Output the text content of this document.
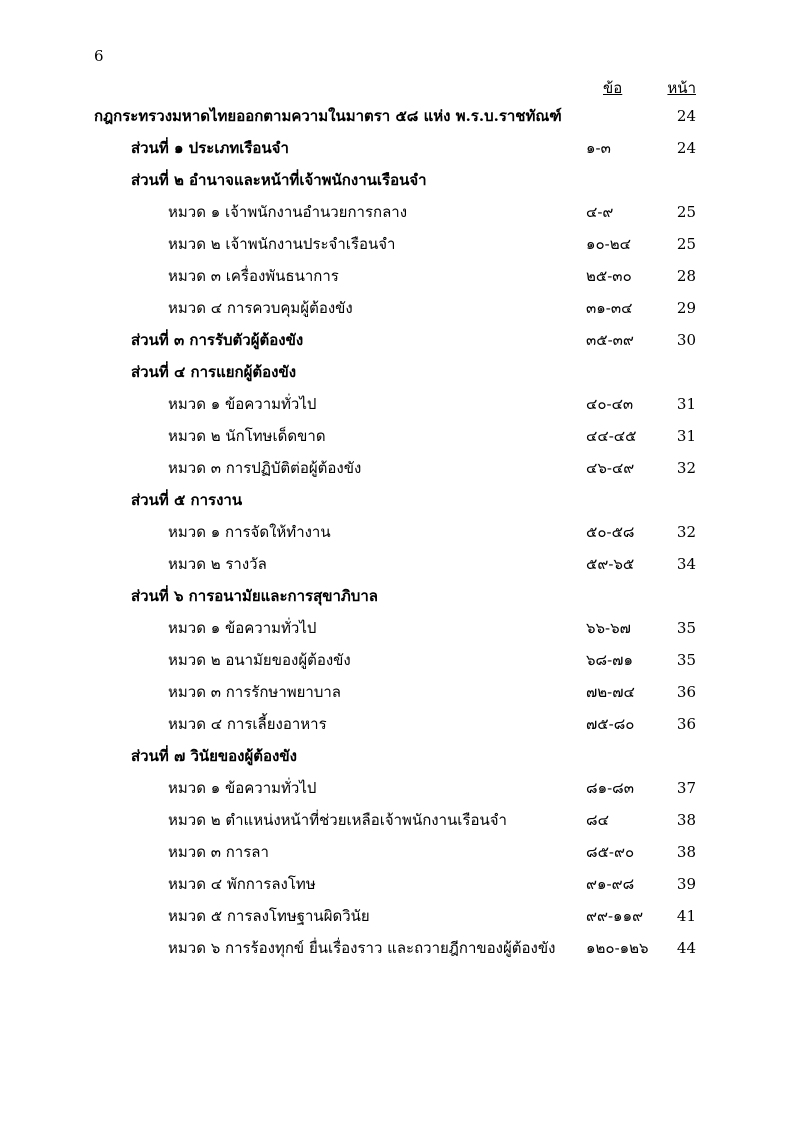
6
ข้อ	หน้า
กฎกระทรวงมหาดไทยออกตามความในมาตรา ๕๘ แห่ง พ.ร.บ.ราชทัณฑ์	24
ส่วนที่ ๑ ประเภทเรือนจำ	๑-๓	24
ส่วนที่ ๒ อำนาจและหน้าที่เจ้าพนักงานเรือนจำ
หมวด ๑ เจ้าพนักงานอำนวยการกลาง	๔-๙	25
หมวด ๒ เจ้าพนักงานประจำเรือนจำ	๑๐-๒๔	25
หมวด ๓ เครื่องพันธนาการ	๒๕-๓๐	28
หมวด ๔ การควบคุมผู้ต้องขัง	๓๑-๓๔	29
ส่วนที่ ๓ การรับตัวผู้ต้องขัง	๓๕-๓๙	30
ส่วนที่ ๔ การแยกผู้ต้องขัง
หมวด ๑ ข้อความทั่วไป	๔๐-๔๓	31
หมวด ๒ นักโทษเด็ดขาด	๔๔-๔๕	31
หมวด ๓ การปฏิบัติต่อผู้ต้องขัง	๔๖-๔๙	32
ส่วนที่ ๕ การงาน
หมวด ๑ การจัดให้ทำงาน	๕๐-๕๘	32
หมวด ๒ รางวัล	๕๙-๖๕	34
ส่วนที่ ๖ การอนามัยและการสุขาภิบาล
หมวด ๑ ข้อความทั่วไป	๖๖-๖๗	35
หมวด ๒ อนามัยของผู้ต้องขัง	๖๘-๗๑	35
หมวด ๓ การรักษาพยาบาล	๗๒-๗๔	36
หมวด ๔ การเลี้ยงอาหาร	๗๕-๘๐	36
ส่วนที่ ๗ วินัยของผู้ต้องขัง
หมวด ๑ ข้อความทั่วไป	๘๑-๘๓	37
หมวด ๒ ตำแหน่งหน้าที่ช่วยเหลือเจ้าพนักงานเรือนจำ	๘๔	38
หมวด ๓ การลา	๘๕-๙๐	38
หมวด ๔ พักการลงโทษ	๙๑-๙๘	39
หมวด ๕ การลงโทษฐานผิดวินัย	๙๙-๑๑๙	41
หมวด ๖ การร้องทุกข์ ยื่นเรื่องราว และถวายฎีกาของผู้ต้องขัง ๑๒๐-๑๒๖	44
